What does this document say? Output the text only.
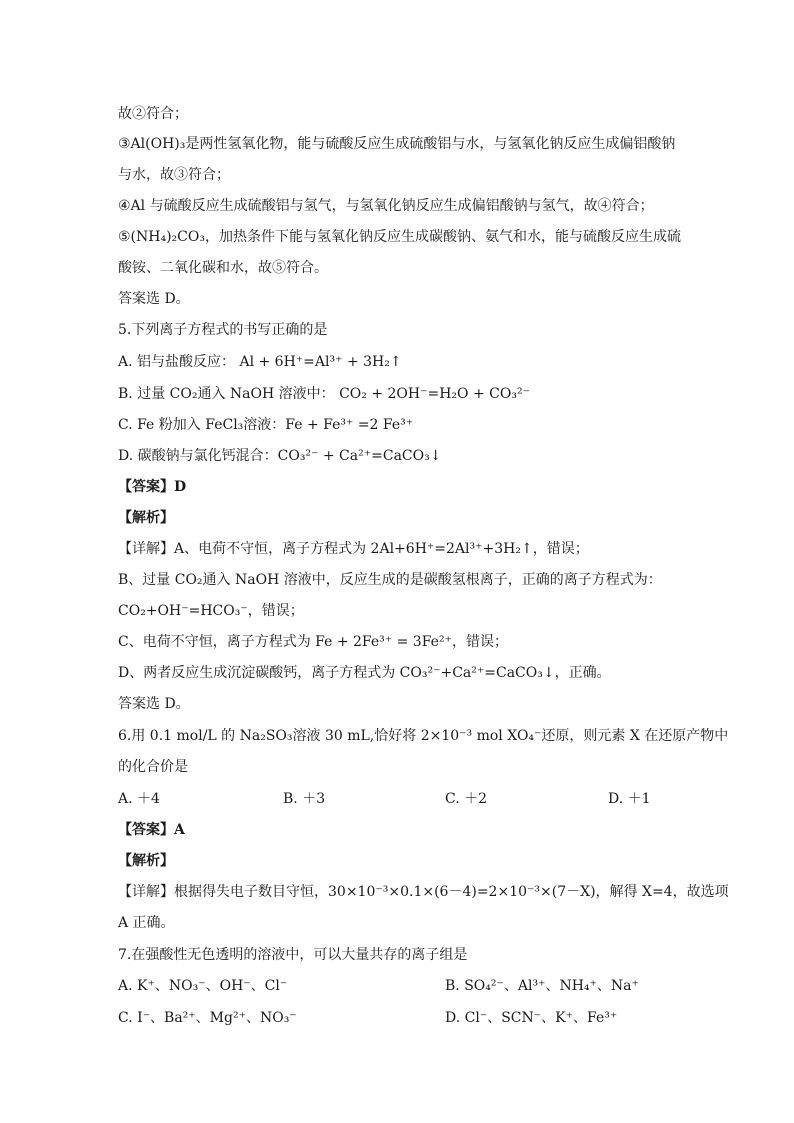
故②符合；
③Al(OH)₃是两性氢氧化物，能与硫酸反应生成硫酸铝与水，与氢氧化钠反应生成偏铝酸钠
与水，故③符合；
④Al 与硫酸反应生成硫酸铝与氢气，与氢氧化钠反应生成偏铝酸钠与氢气，故④符合；
⑤(NH₄)₂CO₃，加热条件下能与氢氧化钠反应生成碳酸钠、氨气和水，能与硫酸反应生成硫
酸铵、二氧化碳和水，故⑤符合。
答案选 D。
5.下列离子方程式的书写正确的是
A. 铝与盐酸反应： Al + 6H⁺=Al³⁺ + 3H₂↑
B. 过量 CO₂通入 NaOH 溶液中： CO₂ + 2OH⁻=H₂O + CO₃²⁻
C. Fe 粉加入 FeCl₃溶液：Fe + Fe³⁺ =2 Fe³⁺
D. 碳酸钠与氯化钙混合：CO₃²⁻ + Ca²⁺=CaCO₃↓
【答案】D
【解析】
【详解】A、电荷不守恒，离子方程式为 2Al+6H⁺=2Al³⁺+3H₂↑，错误；
B、过量 CO₂通入 NaOH 溶液中，反应生成的是碳酸氢根离子，正确的离子方程式为：
CO₂+OH⁻=HCO₃⁻，错误；
C、电荷不守恒，离子方程式为 Fe + 2Fe³⁺ = 3Fe²⁺，错误；
D、两者反应生成沉淀碳酸钙，离子方程式为 CO₃²⁻+Ca²⁺=CaCO₃↓，正确。
答案选 D。
6.用 0.1 mol/L 的 Na₂SO₃溶液 30 mL,恰好将 2×10⁻³ mol XO₄⁻还原，则元素 X 在还原产物中
的化合价是
A. ＋4	B. ＋3	C. ＋2	D. ＋1
【答案】A
【解析】
【详解】根据得失电子数目守恒，30×10⁻³×0.1×(6－4)=2×10⁻³×(7－X)，解得 X=4，故选项
A 正确。
7.在强酸性无色透明的溶液中，可以大量共存的离子组是
A. K⁺、NO₃⁻、OH⁻、Cl⁻	B. SO₄²⁻、Al³⁺、NH₄⁺、Na⁺
C. I⁻、Ba²⁺、Mg²⁺、NO₃⁻	D. Cl⁻、SCN⁻、K⁺、Fe³⁺
